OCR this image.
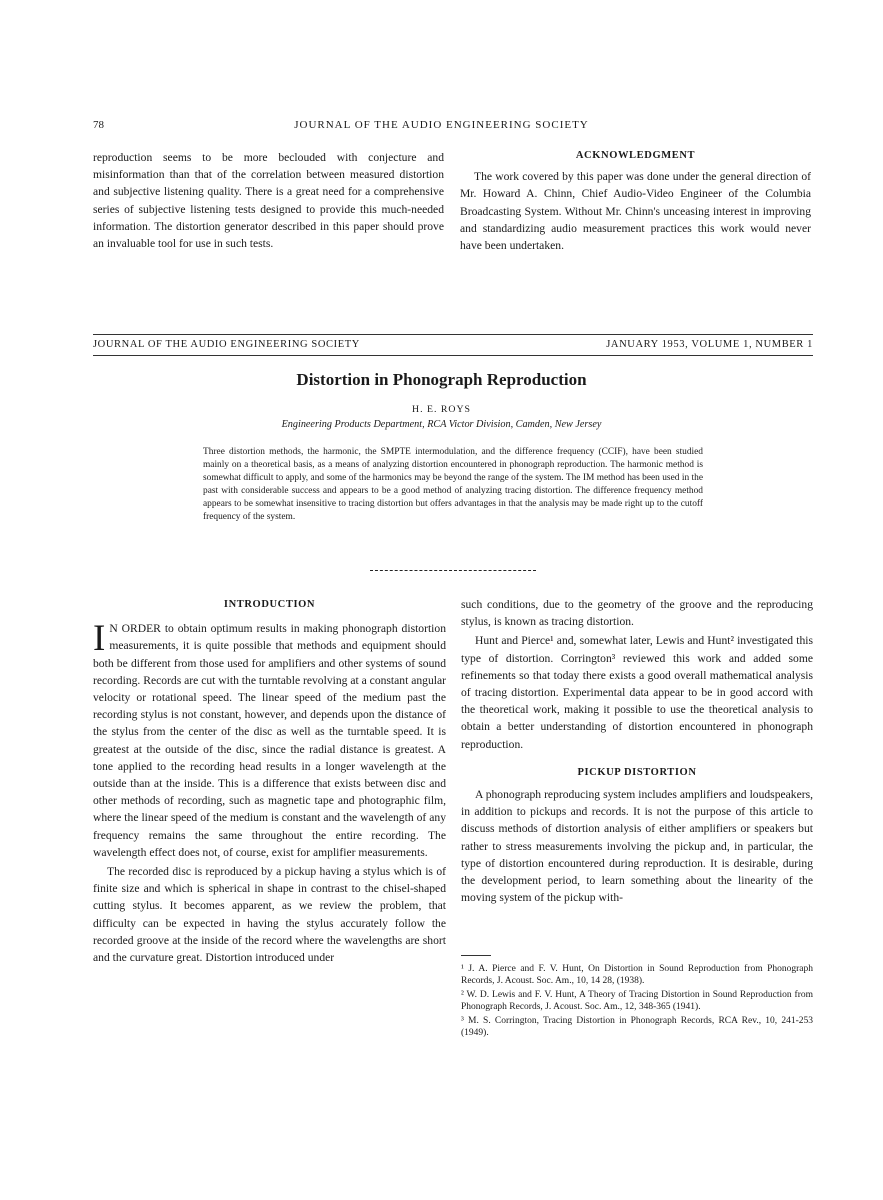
78	JOURNAL OF THE AUDIO ENGINEERING SOCIETY

reproduction seems to be more beclouded with conjecture and misinformation than that of the correlation between measured distortion and subjective listening quality. There is a great need for a comprehensive series of subjective listening tests designed to provide this much-needed information. The distortion generator described in this paper should prove an invaluable tool for use in such tests.

ACKNOWLEDGMENT

The work covered by this paper was done under the general direction of Mr. Howard A. Chinn, Chief Audio-Video Engineer of the Columbia Broadcasting System. Without Mr. Chinn's unceasing interest in improving and standardizing audio measurement practices this work would never have been undertaken.

JOURNAL OF THE AUDIO ENGINEERING SOCIETY	JANUARY 1953, VOLUME 1, NUMBER 1
Distortion in Phonograph Reproduction
H. E. ROYS
Engineering Products Department, RCA Victor Division, Camden, New Jersey
Three distortion methods, the harmonic, the SMPTE intermodulation, and the difference frequency (CCIF), have been studied mainly on a theoretical basis, as a means of analyzing distortion encountered in phonograph reproduction. The harmonic method is somewhat difficult to apply, and some of the harmonics may be beyond the range of the system. The IM method has been used in the past with considerable success and appears to be a good method of analyzing tracing distortion. The difference frequency method appears to be somewhat insensitive to tracing distortion but offers advantages in that the analysis may be made right up to the cutoff frequency of the system.
INTRODUCTION

I N ORDER to obtain optimum results in making phonograph distortion measurements, it is quite possible that methods and equipment should both be different from those used for amplifiers and other systems of sound recording. Records are cut with the turntable revolving at a constant angular velocity or rotational speed. The linear speed of the medium past the recording stylus is not constant, however, and depends upon the distance of the stylus from the center of the disc as well as the turntable speed. It is greatest at the outside of the disc, since the radial distance is greatest. A tone applied to the recording head results in a longer wavelength at the outside than at the inside. This is a difference that exists between disc and other methods of recording, such as magnetic tape and photographic film, where the linear speed of the medium is constant and the wavelength of any frequency remains the same throughout the entire recording. The wavelength effect does not, of course, exist for amplifier measurements.

The recorded disc is reproduced by a pickup having a stylus which is of finite size and which is spherical in shape in contrast to the chisel-shaped cutting stylus. It becomes apparent, as we review the problem, that difficulty can be expected in having the stylus accurately follow the recorded groove at the inside of the record where the wavelengths are short and the curvature great. Distortion introduced under

such conditions, due to the geometry of the groove and the reproducing stylus, is known as tracing distortion.

Hunt and Pierce¹ and, somewhat later, Lewis and Hunt² investigated this type of distortion. Corrington³ reviewed this work and added some refinements so that today there exists a good overall mathematical analysis of tracing distortion. Experimental data appear to be in good accord with the theoretical work, making it possible to use the theoretical analysis to obtain a better understanding of distortion encountered in phonograph reproduction.

PICKUP DISTORTION

A phonograph reproducing system includes amplifiers and loudspeakers, in addition to pickups and records. It is not the purpose of this article to discuss methods of distortion analysis of either amplifiers or speakers but rather to stress measurements involving the pickup and, in particular, the type of distortion encountered during reproduction. It is desirable, during the development period, to learn something about the linearity of the moving system of the pickup with-

¹ J. A. Pierce and F. V. Hunt, On Distortion in Sound Reproduction from Phonograph Records, J. Acoust. Soc. Am., 10, 14 28, (1938).

² W. D. Lewis and F. V. Hunt, A Theory of Tracing Distortion in Sound Reproduction from Phonograph Records, J. Acoust. Soc. Am., 12, 348-365 (1941).

³ M. S. Corrington, Tracing Distortion in Phonograph Records, RCA Rev., 10, 241-253 (1949).
